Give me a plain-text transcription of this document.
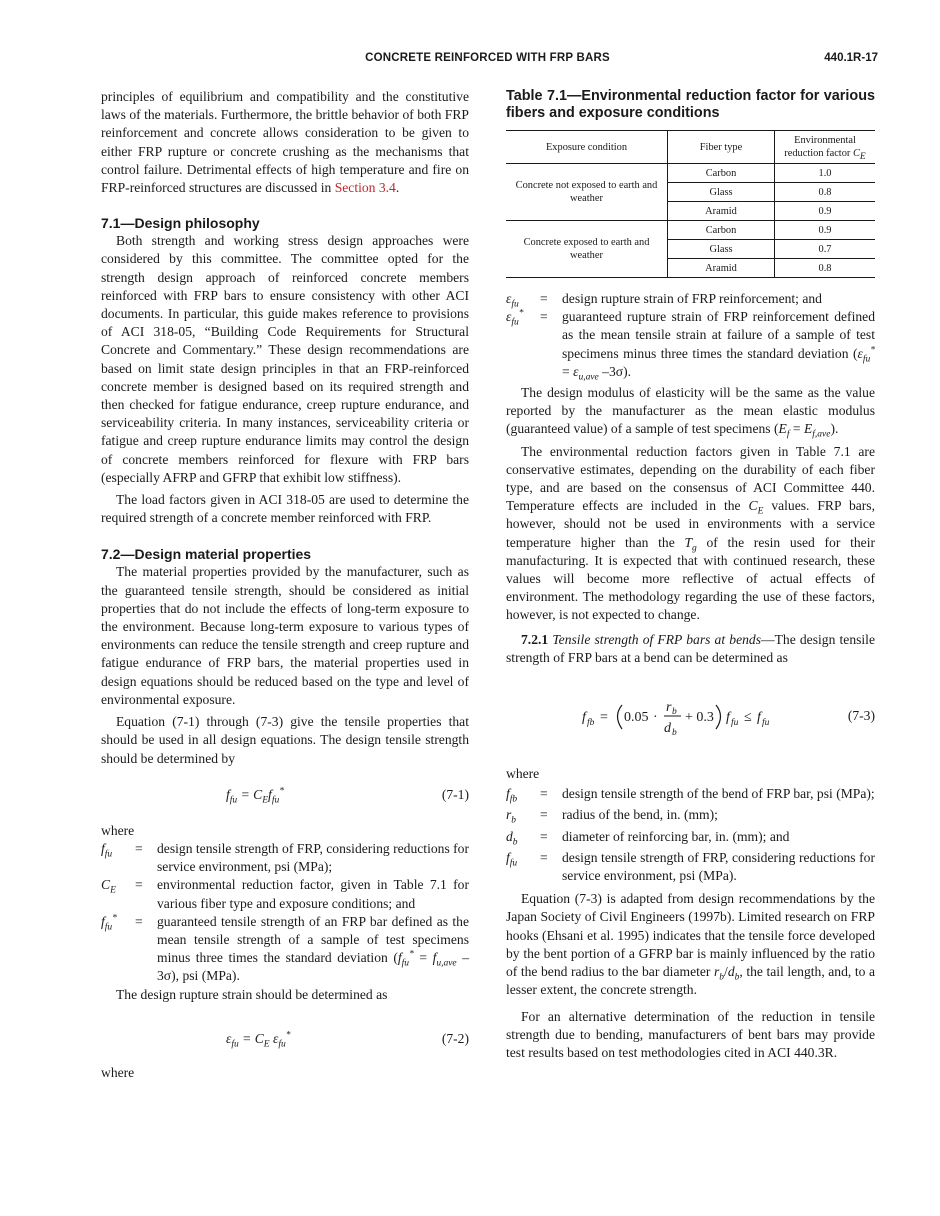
CONCRETE REINFORCED WITH FRP BARS	440.1R-17

principles of equilibrium and compatibility and the constitutive laws of the materials. Furthermore, the brittle behavior of both FRP reinforcement and concrete allows consideration to be given to either FRP rupture or concrete crushing as the mechanisms that control failure. Detrimental effects of high temperature and fire on FRP-reinforced structures are discussed in Section 3.4.

7.1—Design philosophy

Both strength and working stress design approaches were considered by this committee. The committee opted for the strength design approach of reinforced concrete members reinforced with FRP bars to ensure consistency with other ACI documents. In particular, this guide makes reference to provisions of ACI 318-05, “Building Code Requirements for Structural Concrete and Commentary.” These design recommendations are based on limit state design principles in that an FRP-reinforced concrete member is designed based on its required strength and then checked for fatigue endurance, creep rupture endurance, and serviceability criteria. In many instances, serviceability criteria or fatigue and creep rupture endurance limits may control the design of concrete members reinforced for flexure with FRP bars (especially AFRP and GFRP that exhibit low stiffness).

The load factors given in ACI 318-05 are used to determine the required strength of a concrete member reinforced with FRP.

7.2—Design material properties

The material properties provided by the manufacturer, such as the guaranteed tensile strength, should be considered as initial properties that do not include the effects of long-term exposure to the environment. Because long-term exposure to various types of environments can reduce the tensile strength and creep rupture and fatigue endurance of FRP bars, the material properties used in design equations should be reduced based on the type and level of environmental exposure.

Equation (7-1) through (7-3) give the tensile properties that should be used in all design equations. The design tensile strength should be determined by

$f_{fu} = C_Ef_{fu}^*$	(7-1)

where

$f_{fu}$	=	design tensile strength of FRP, considering reductions for service environment, psi (MPa);
$C_E$	=	environmental reduction factor, given in Table 7.1 for various fiber type and exposure conditions; and
$f_{fu}^*$	=	guaranteed tensile strength of an FRP bar defined as the mean tensile strength of a sample of test specimens minus three times the standard deviation $(f_{fu}^* = f_{u,ave} - 3\sigma)$, psi (MPa).

The design rupture strain should be determined as

$\varepsilon_{fu} = C_E$ $\varepsilon_{fu}^*$	(7-2)

where

Table 7.1—Environmental reduction factor for various fibers and exposure conditions
Exposure condition	Fiber type	Environmental reduction factor $C_E$
Concrete not exposed to earth and weather	Carbon	1.0
	Glass	0.8
	Aramid	0.9
Concrete exposed to earth and weather	Carbon	0.9
	Glass	0.7
	Aramid	0.8
$\varepsilon_{fu}$	=	design rupture strain of FRP reinforcement; and
$\varepsilon_{fu}^*$	=	guaranteed rupture strain of FRP reinforcement defined as the mean tensile strain at failure of a sample of test specimens minus three times the standard deviation ($\varepsilon_{fu}^* = \varepsilon_{u,ave}$ –3σ).

The design modulus of elasticity will be the same as the value reported by the manufacturer as the mean elastic modulus (guaranteed value) of a sample of test specimens $(E_f = E_{f,ave})$.

The environmental reduction factors given in Table 7.1 are conservative estimates, depending on the durability of each fiber type, and are based on the consensus of ACI Committee 440. Temperature effects are included in the $C_E$ values. FRP bars, however, should not be used in environments with a service temperature higher than the $T_g$ of the resin used for their manufacturing. It is expected that with continued research, these values will become more reflective of actual effects of environment. The methodology regarding the use of these factors, however, is not expected to change.

7.2.1 Tensile strength of FRP bars at bends—The design tensile strength of FRP bars at a bend can be determined as

f fb = 0.05 ·
r b
d b
+ 0.3 f fu ≤ f fu	(7-3)

where

$f_{fb}$	=	design tensile strength of the bend of FRP bar, psi (MPa);
$r_b$	=	radius of the bend, in. (mm);
$d_b$	=	diameter of reinforcing bar, in. (mm); and
$f_{fu}$	=	design tensile strength of FRP, considering reductions for service environment, psi (MPa).

Equation (7-3) is adapted from design recommendations by the Japan Society of Civil Engineers (1997b). Limited research on FRP hooks (Ehsani et al. 1995) indicates that the tensile force developed by the bent portion of a GFRP bar is mainly influenced by the ratio of the bend radius to the bar diameter $r_b/d_b$, the tail length, and, to a lesser extent, the concrete strength.

For an alternative determination of the reduction in tensile strength due to bending, manufacturers of bent bars may provide test results based on test methodologies cited in ACI 440.3R.
